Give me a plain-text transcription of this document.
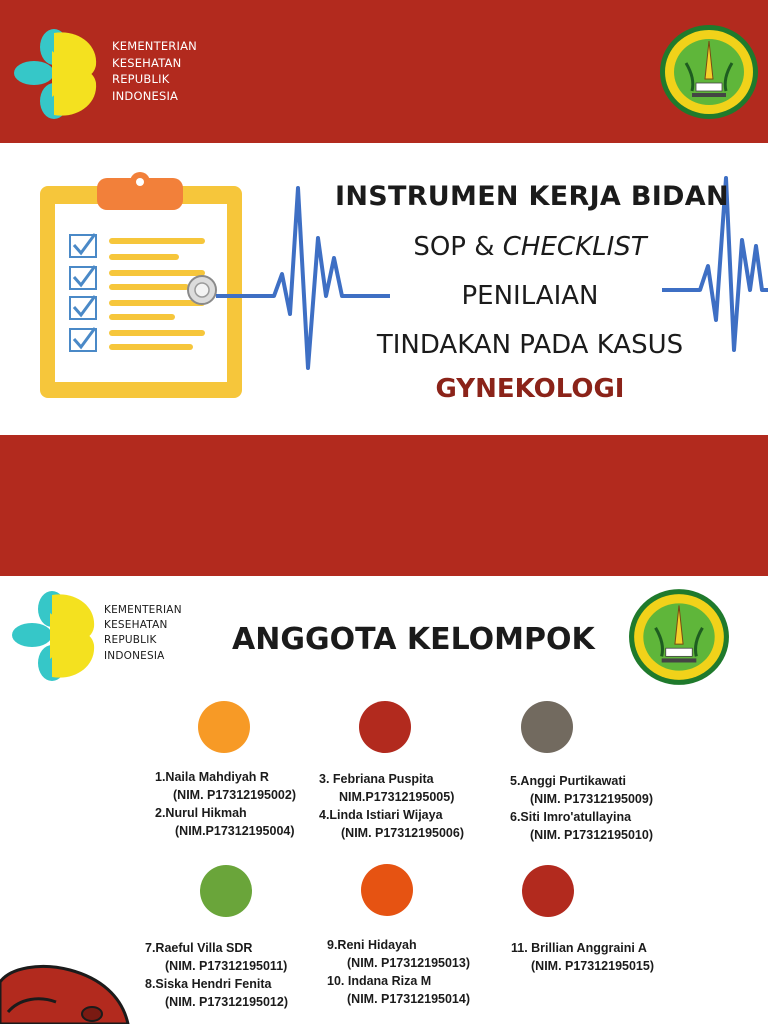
KEMENTERIAN
KESEHATAN
REPUBLIK
INDONESIA
INSTRUMEN KERJA BIDAN
SOP & CHECKLIST
PENILAIAN
TINDAKAN PADA KASUS
GYNEKOLOGI
KEMENTERIAN
KESEHATAN
REPUBLIK
INDONESIA	ANGGOTA KELOMPOK
1.Naila Mahdiyah R
(NIM. P17312195002)
2.Nurul Hikmah
(NIM.P17312195004)
3. Febriana Puspita
NIM.P17312195005)
4.Linda Istiari Wijaya
(NIM. P17312195006)
5.Anggi Purtikawati
(NIM. P17312195009)
6.Siti Imro'atullayina
(NIM. P17312195010)
7.Raeful Villa SDR
(NIM. P17312195011)
8.Siska Hendri Fenita
(NIM. P17312195012)
9.Reni Hidayah
(NIM. P17312195013)
10. Indana Riza M
(NIM. P17312195014)
11. Brillian Anggraini A
(NIM. P17312195015)
